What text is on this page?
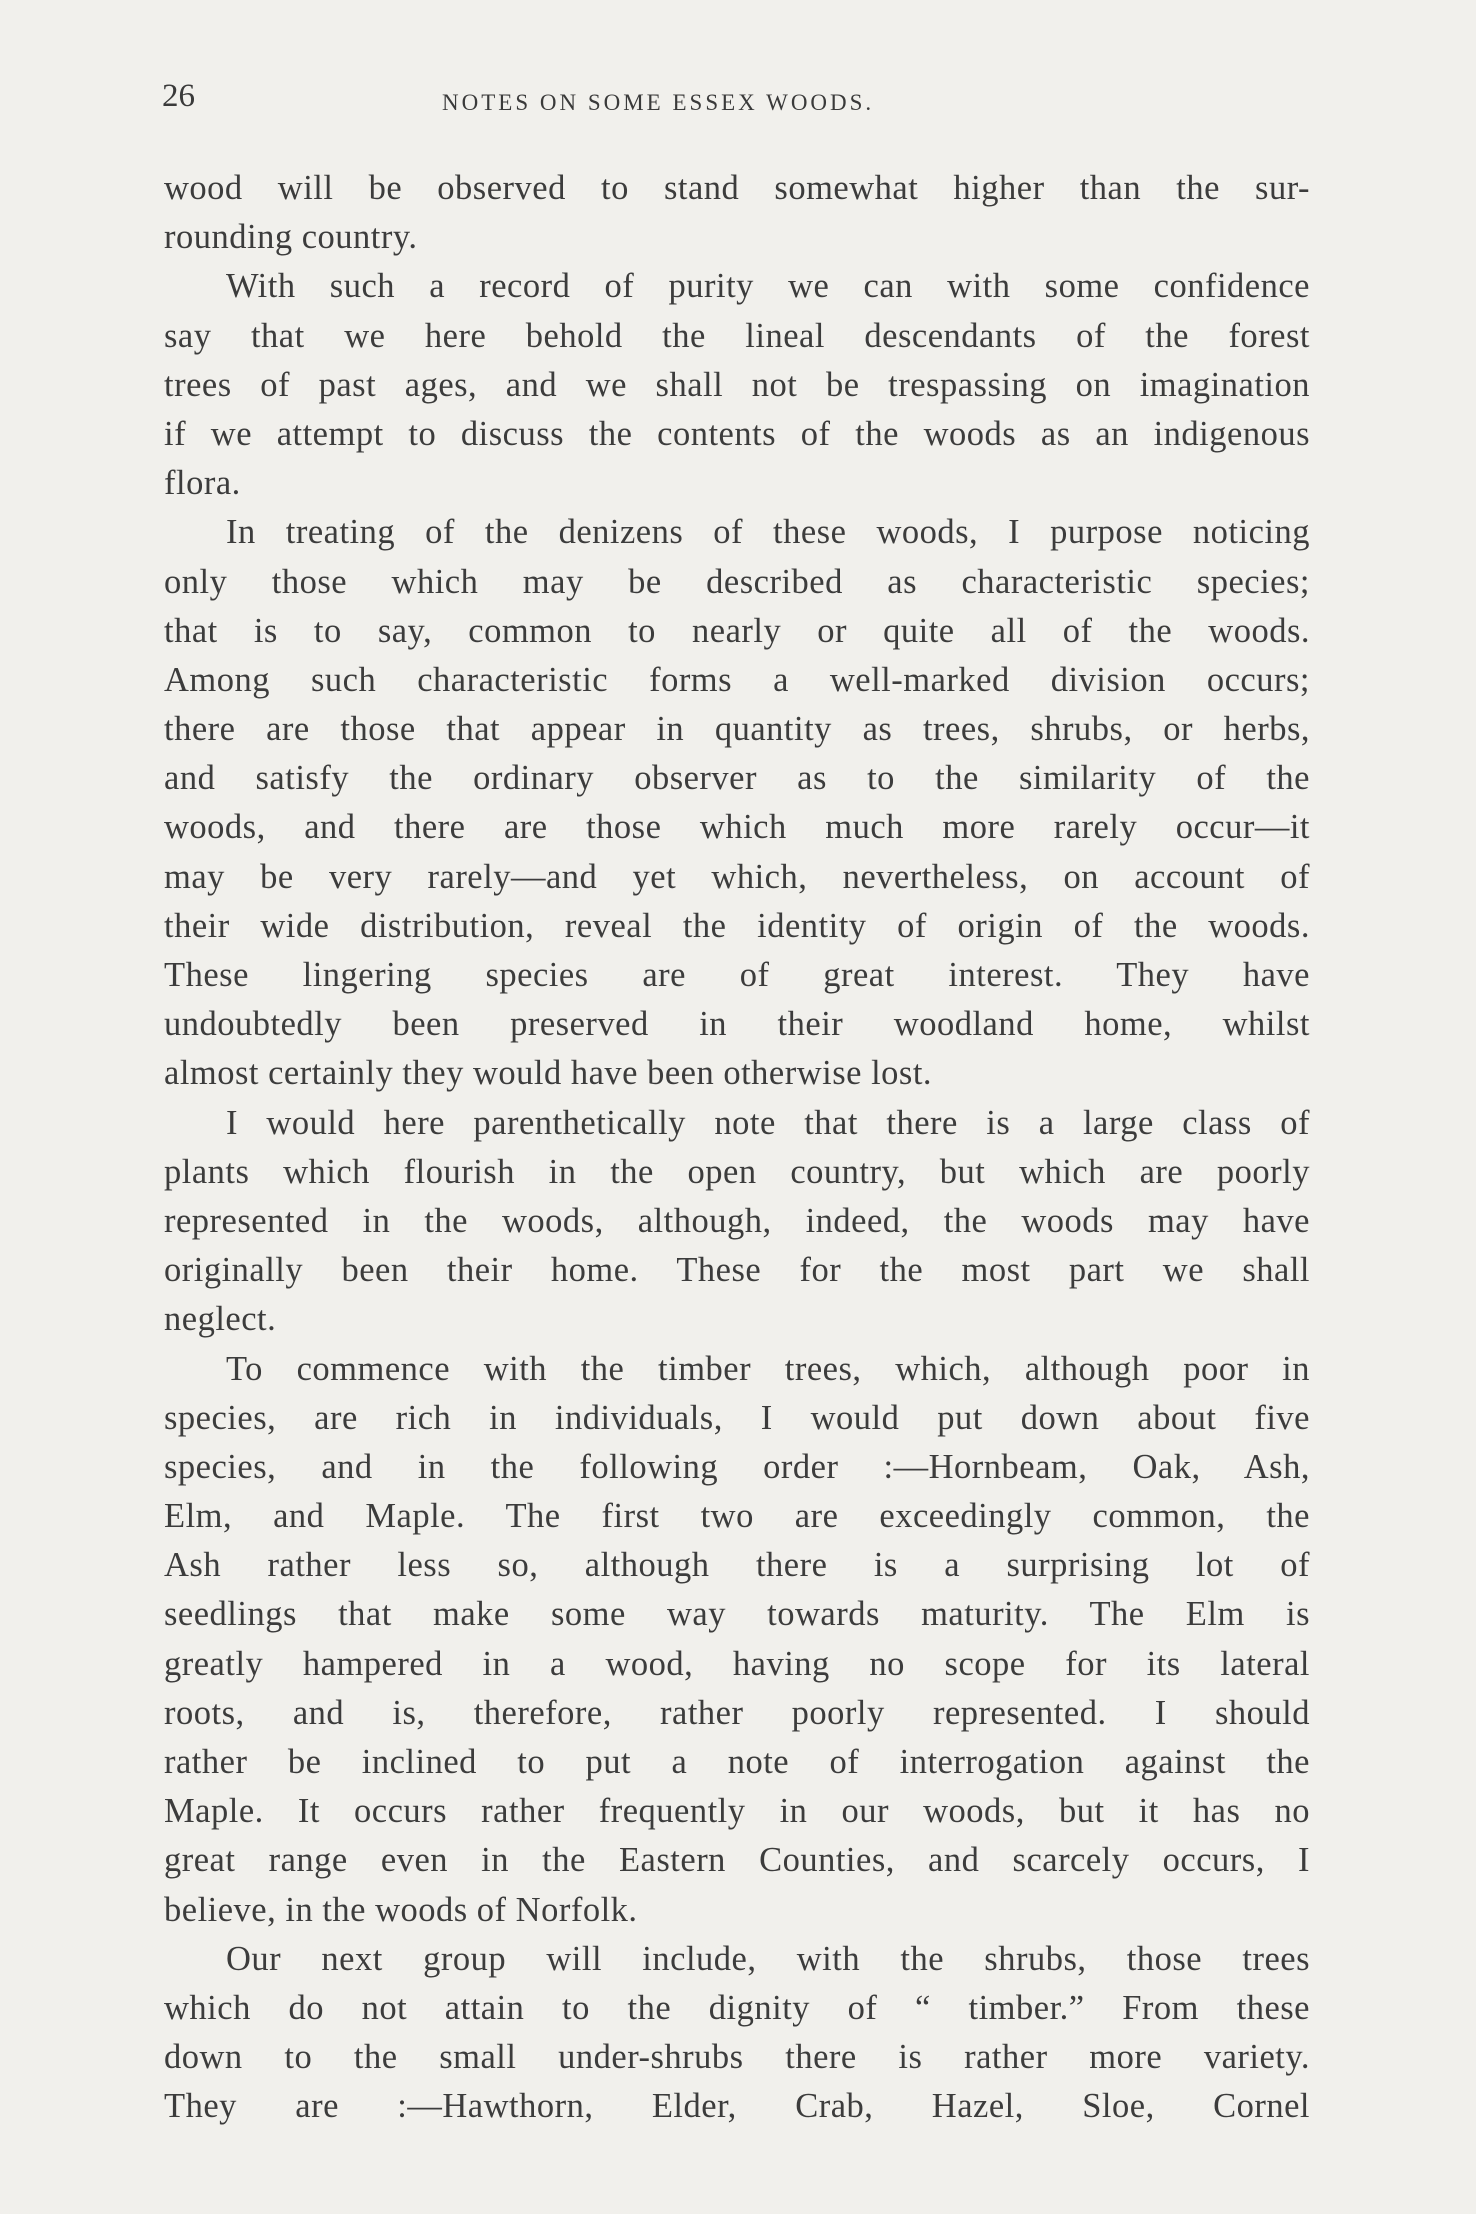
26	NOTES ON SOME ESSEX WOODS.
wood will be observed to stand somewhat higher than the sur-
rounding country.
With such a record of purity we can with some confidence
say that we here behold the lineal descendants of the forest
trees of past ages, and we shall not be trespassing on imagination
if we attempt to discuss the contents of the woods as an indigenous
flora.
In treating of the denizens of these woods, I purpose noticing
only those which may be described as characteristic species;
that is to say, common to nearly or quite all of the woods.
Among such characteristic forms a well-marked division occurs;
there are those that appear in quantity as trees, shrubs, or herbs,
and satisfy the ordinary observer as to the similarity of the
woods, and there are those which much more rarely occur—it
may be very rarely—and yet which, nevertheless, on account of
their wide distribution, reveal the identity of origin of the woods.
These lingering species are of great interest. They have
undoubtedly been preserved in their woodland home, whilst
almost certainly they would have been otherwise lost.
I would here parenthetically note that there is a large class of
plants which flourish in the open country, but which are poorly
represented in the woods, although, indeed, the woods may have
originally been their home. These for the most part we shall
neglect.
To commence with the timber trees, which, although poor in
species, are rich in individuals, I would put down about five
species, and in the following order :—Hornbeam, Oak, Ash,
Elm, and Maple. The first two are exceedingly common, the
Ash rather less so, although there is a surprising lot of
seedlings that make some way towards maturity. The Elm is
greatly hampered in a wood, having no scope for its lateral
roots, and is, therefore, rather poorly represented. I should
rather be inclined to put a note of interrogation against the
Maple. It occurs rather frequently in our woods, but it has no
great range even in the Eastern Counties, and scarcely occurs, I
believe, in the woods of Norfolk.
Our next group will include, with the shrubs, those trees
which do not attain to the dignity of “ timber.” From these
down to the small under-shrubs there is rather more variety.
They are :—Hawthorn, Elder, Crab, Hazel, Sloe, Cornel
